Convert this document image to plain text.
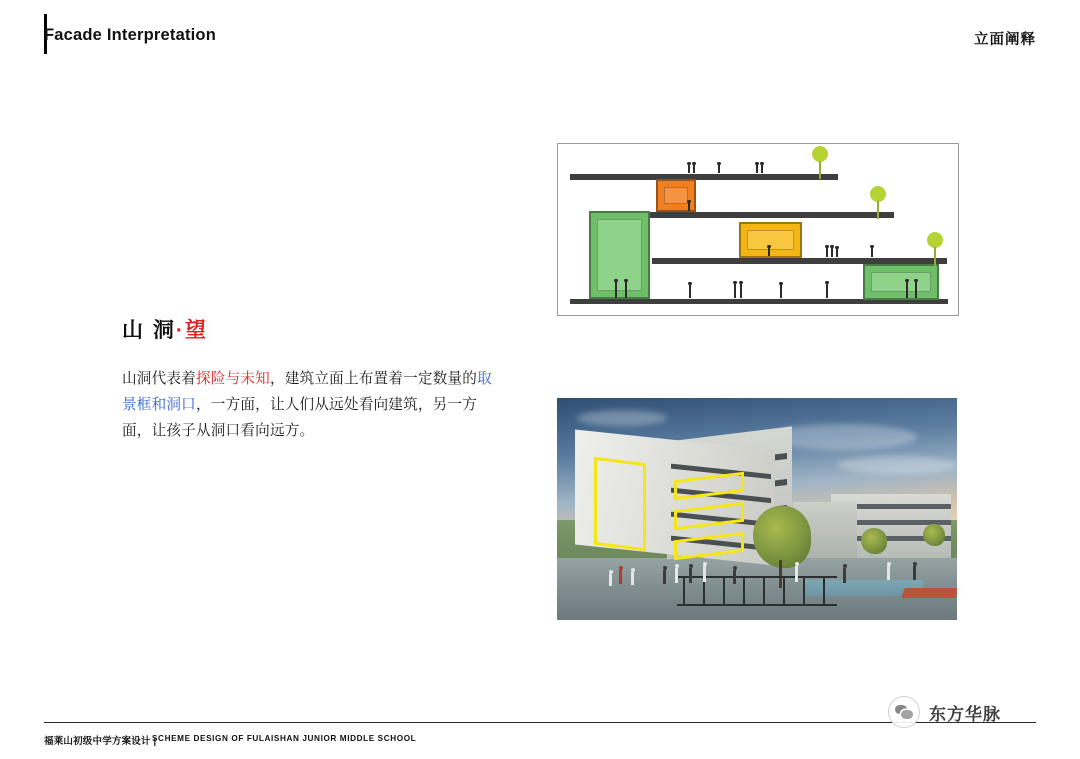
Facade Interpretation	立面阐释
山 洞·望
山洞代表着探险与未知，建筑立面上布置着一定数量的取景框和洞口，一方面，让人们从远处看向建筑，另一方面，让孩子从洞口看向远方。
福莱山初级中学方案设计 |
SCHEME DESIGN OF FULAISHAN JUNIOR MIDDLE SCHOOL
东方华脉
